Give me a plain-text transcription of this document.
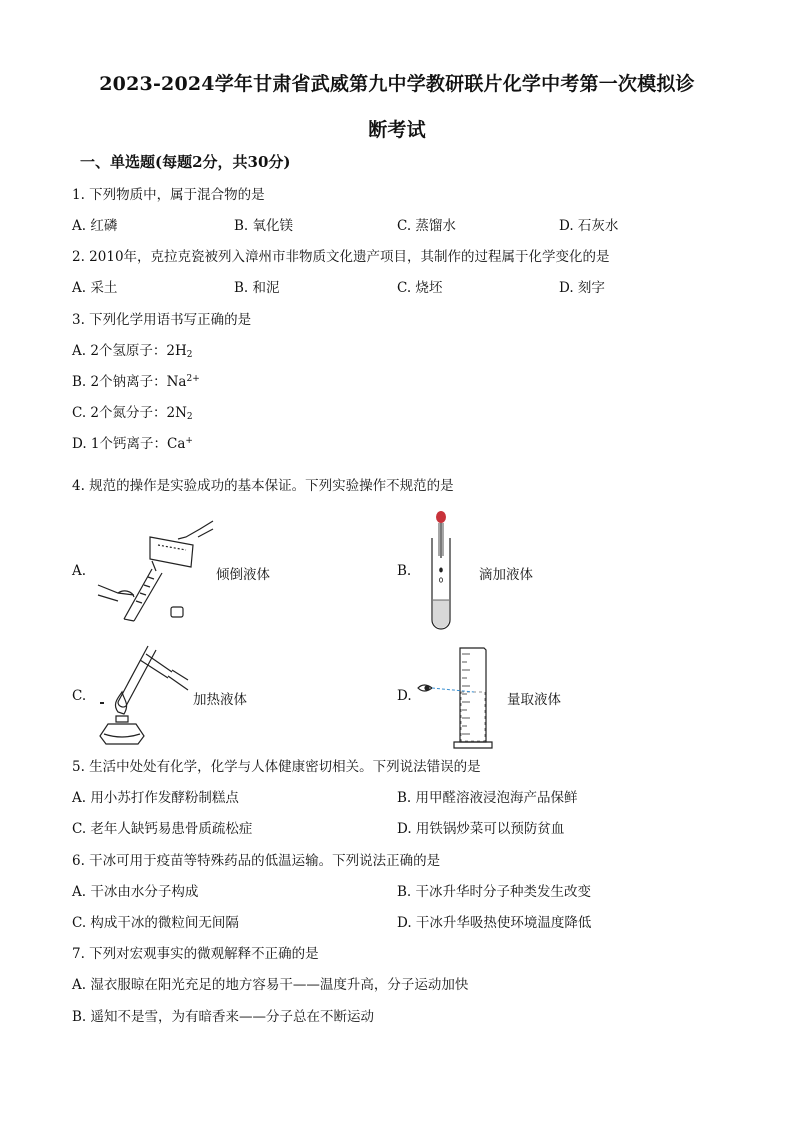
2023-2024学年甘肃省武威第九中学教研联片化学中考第一次模拟诊
断考试
一、单选题(每题2分，共30分)
1. 下列物质中，属于混合物的是
A. 红磷	B. 氧化镁	C. 蒸馏水	D. 石灰水
2. 2010年，克拉克瓷被列入漳州市非物质文化遗产项目，其制作的过程属于化学变化的是
A. 采土	B. 和泥	C. 烧坯	D. 刻字
3. 下列化学用语书写正确的是
A. 2个氢原子：$2H_2$
B. 2个钠离子：$Na^{2+}$
C. 2个氮分子：$2N_2$
D. 1个钙离子：Ca+
4. 规范的操作是实验成功的基本保证。下列实验操作不规范的是
A.	倾倒液体	B.	滴加液体
C.	加热液体	D.	量取液体
5. 生活中处处有化学，化学与人体健康密切相关。下列说法错误的是
A. 用小苏打作发酵粉制糕点	B. 用甲醛溶液浸泡海产品保鲜
C. 老年人缺钙易患骨质疏松症	D. 用铁锅炒菜可以预防贫血
6. 干冰可用于疫苗等特殊药品的低温运输。下列说法正确的是
A. 干冰由水分子构成	B. 干冰升华时分子种类发生改变
C. 构成干冰的微粒间无间隔	D. 干冰升华吸热使环境温度降低
7. 下列对宏观事实的微观解释不正确的是
A. 湿衣服晾在阳光充足的地方容易干——温度升高，分子运动加快
B. 遥知不是雪，为有暗香来——分子总在不断运动
